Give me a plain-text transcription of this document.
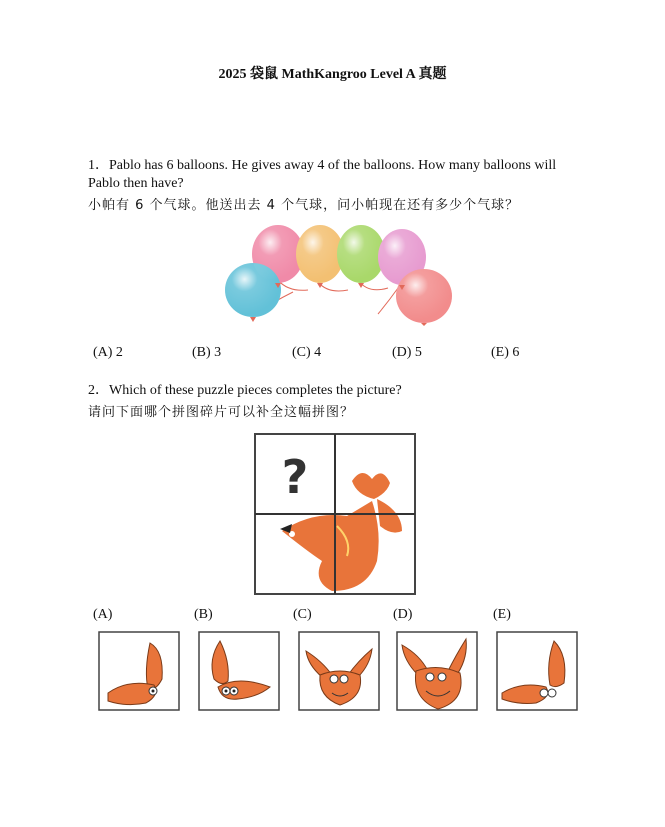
2025 袋鼠 MathKangroo Level A 真题
1．Pablo has 6 balloons. He gives away 4 of the balloons. How many balloons will Pablo then have?
小帕有 6 个气球。他送出去 4 个气球，问小帕现在还有多少个气球？
(A) 2	(B) 3	(C) 4	(D) 5	(E) 6
2．Which of these puzzle pieces completes the picture?
请问下面哪个拼图碎片可以补全这幅拼图？
?
(A)	(B)	(C)	(D)	(E)
